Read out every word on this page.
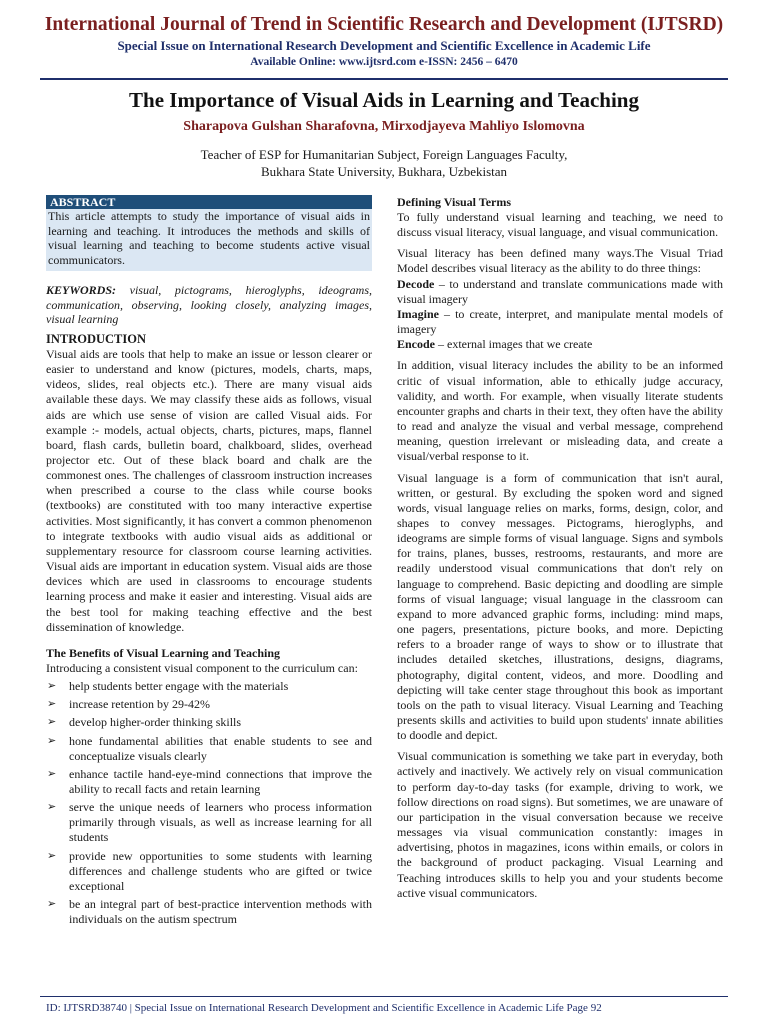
International Journal of Trend in Scientific Research and Development (IJTSRD)
Special Issue on International Research Development and Scientific Excellence in Academic Life
Available Online: www.ijtsrd.com e-ISSN: 2456 – 6470
The Importance of Visual Aids in Learning and Teaching
Sharapova Gulshan Sharafovna, Mirxodjayeva Mahliyo Islomovna
Teacher of ESP for Humanitarian Subject, Foreign Languages Faculty,
Bukhara State University, Bukhara, Uzbekistan
ABSTRACT

This article attempts to study the importance of visual aids in learning and teaching. It introduces the methods and skills of visual learning and teaching to become students active visual communicators.

KEYWORDS: visual, pictograms, hieroglyphs, ideograms, communication, observing, looking closely, analyzing images, visual learning

INTRODUCTION

Visual aids are tools that help to make an issue or lesson clearer or easier to understand and know (pictures, models, charts, maps, videos, slides, real objects etc.). There are many visual aids available these days. We may classify these aids as follows, visual aids are which use sense of vision are called Visual aids. For example :- models, actual objects, charts, pictures, maps, flannel board, flash cards, bulletin board, chalkboard, slides, overhead projector etc. Out of these black board and chalk are the commonest ones. The challenges of classroom instruction increases when prescribed a course to the class while course books (textbooks) are constituted with too many interactive expertise activities. Most significantly, it has convert a common phenomenon to integrate textbooks with audio visual aids as additional or supplementary resource for classroom course learning activities. Visual aids are important in education system. Visual aids are those devices which are used in classrooms to encourage students learning process and make it easier and interesting. Visual aids are the best tool for making teaching effective and the best dissemination of knowledge.

The Benefits of Visual Learning and Teaching

Introducing a consistent visual component to the curriculum can:

➢ help students better engage with the materials
➢ increase retention by 29-42%
➢ develop higher-order thinking skills
➢ hone fundamental abilities that enable students to see and conceptualize visuals clearly
➢ enhance tactile hand-eye-mind connections that improve the ability to recall facts and retain learning
➢ serve the unique needs of learners who process information primarily through visuals, as well as increase learning for all students
➢ provide new opportunities to some students with learning differences and challenge students who are gifted or twice exceptional
➢ be an integral part of best-practice intervention methods with individuals on the autism spectrum
Defining Visual Terms

To fully understand visual learning and teaching, we need to discuss visual literacy, visual language, and visual communication.

Visual literacy has been defined many ways.The Visual Triad Model describes visual literacy as the ability to do three things:

Decode – to understand and translate communications made with visual imagery

Imagine – to create, interpret, and manipulate mental models of imagery

Encode – external images that we create

In addition, visual literacy includes the ability to be an informed critic of visual information, able to ethically judge accuracy, validity, and worth. For example, when visually literate students encounter graphs and charts in their text, they often have the ability to read and analyze the visual and verbal message, comprehend meaning, question irrelevant or misleading data, and create a visual/verbal response to it.

Visual language is a form of communication that isn't aural, written, or gestural. By excluding the spoken word and signed words, visual language relies on marks, forms, design, color, and shapes to convey messages. Pictograms, hieroglyphs, and ideograms are simple forms of visual language. Signs and symbols for trains, planes, busses, restrooms, restaurants, and more are readily understood visual communications that don't rely on language to comprehend. Basic depicting and doodling are simple forms of visual language; visual language in the classroom can expand to more advanced graphic forms, including: mind maps, one pagers, presentations, picture books, and more. Depicting refers to a broader range of ways to show or to illustrate that includes detailed sketches, illustrations, designs, diagrams, photography, digital content, videos, and more. Doodling and depicting will take center stage throughout this book as important tools on the path to visual literacy. Visual Learning and Teaching presents skills and activities to build upon students' innate abilities to doodle and depict.

Visual communication is something we take part in everyday, both actively and inactively. We actively rely on visual communication to perform day-to-day tasks (for example, driving to work, we follow directions on road signs). But sometimes, we are unaware of our participation in the visual conversation because we receive messages via visual communication constantly: images in advertising, photos in magazines, icons within emails, or colors in the background of product packaging. Visual Learning and Teaching introduces skills to help you and your students become active visual communicators.

ID: IJTSRD38740 | Special Issue on International Research Development and Scientific Excellence in Academic Life Page 92
